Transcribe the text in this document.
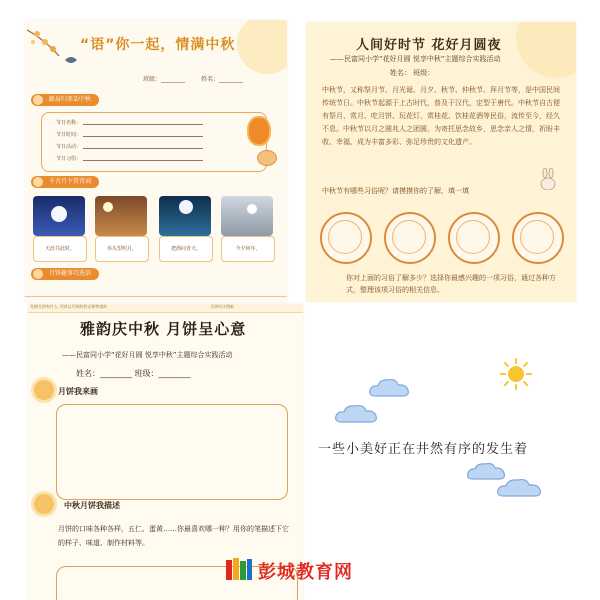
“语”你一起，情满中秋
班级：________	姓名：________
路肩归来话中秋
节日名称：
节日时间：
节日活动：
节日习俗：
千古月下赏诗词
天涯共此时。	举头望明月，	把酒问青天。	今夕何年。
月饼趣事巧选信
人间好时节 花好月圆夜
——民富同小学“花好月圆 悦享中秋”主题综合实践活动
姓名： 班级：
中秋节，又称祭月节、月光诞、月夕、秋节、仲秋节、拜月节等，是中国民间传统节日。中秋节起源于上古时代，普及于汉代，定型于唐代。中秋节自古便有祭月、赏月、吃月饼、玩花灯、赏桂花、饮桂花酒等民俗，流传至今，经久不息。中秋节以月之圆兆人之团圆，为寄托思念故乡，思念亲人之情，祈盼丰收、幸福，成为丰富多彩、弥足珍贵的文化遗产。
中秋节有哪些习俗呢？请摸摸你的了解，填一填
你对上面的习俗了解多少？选择你最感兴趣的一项习俗，通过各种方式，整理该项习俗的相关信息。
先钢月饼有什么 月饼以月饼的形式和特别的	月饼设计图纸
雅韵庆中秋 月饼呈心意
——民富同小学“花好月圆 悦享中秋”主题综合实践活动
姓名：________ 班级：________
月饼我来画
中秋月饼我描述
月饼的口味各种各样，五仁、蛋黄……你最喜欢哪一种？用你的笔描述下它的样子、味道、制作材料等。
一些小美好正在井然有序的发生着
彭城教育网
